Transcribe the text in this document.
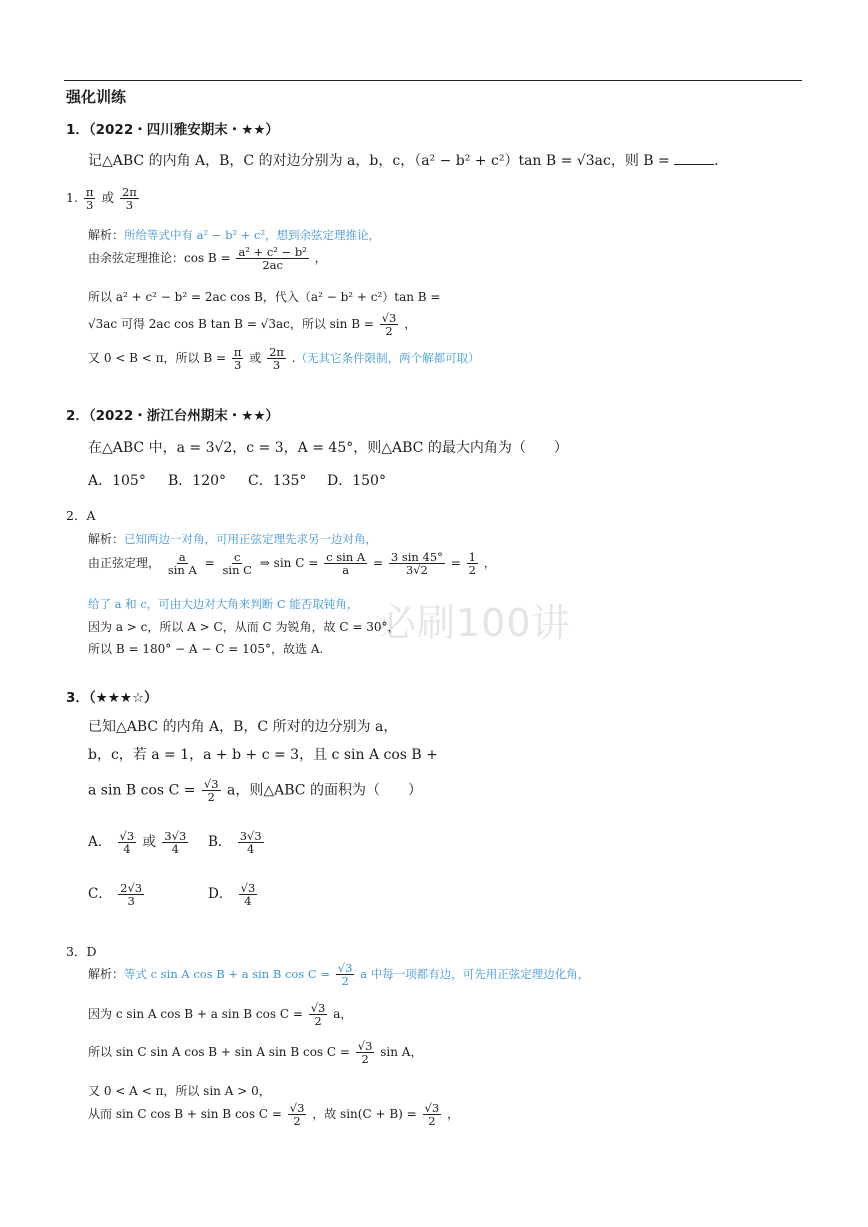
强化训练
必刷100讲
1．（2022・四川雅安期末・★★）
记△ABC 的内角 A，B，C 的对边分别为 a，b，c，（a² − b² + c²）tan B = √3ac，则 B =	．
1. $\frac{\pi}{3}$ 或 $\frac{2\pi}{3}$
解析：所给等式中有 a² − b² + c²，想到余弦定理推论，
由余弦定理推论：$\cos B = \frac{\text{a² + c² − b²}}{2ac}$ ，
所以 a² + c² − b² = 2ac cos B，代入（a² − b² + c²）tan B =
√3ac 可得 2ac cos B tan B = √3ac，所以 $\sin B = \frac{√3}{2}$ ，
又 0 < B < π，所以 $B = \frac{\pi}{3}$ 或 $\frac{2\pi}{3}$ .（无其它条件限制，两个解都可取）
2．（2022・浙江台州期末・★★）
在△ABC 中，a = 3√2，c = 3，A = 45°，则△ABC 的最大内角为（　　）
A．105° B．120° C．135° D．150°
2．A
解析：已知两边一对角，可用正弦定理先求另一边对角，
由正弦定理， $\frac{a}{\text{sin A}} = \frac{c}{\text{sin C}}$ ⇒ $\sin C = \frac{\text{c sin A}}{a} = \frac{3 \sin 45^\circ}{3√2} = \frac{1}{2}$ ，
给了 a 和 c，可由大边对大角来判断 C 能否取钝角，
因为 a > c，所以 A > C，从而 C 为锐角，故 C = 30°，
所以 B = 180° − A − C = 105°，故选 A.
3．（★★★☆）
已知△ABC 的内角 A，B，C 所对的边分别为 a，
b，c，若 a = 1，a + b + c = 3，且 c sin A cos B +
a sin B $\cos C = \frac{√3}{2}$ a，则△ABC 的面积为（　　）
A． $\frac{√3}{4}$ 或 $\frac{3√3}{4}$ B． $\frac{3√3}{4}$
C． $\frac{2√3}{3}$	D． $\frac{√3}{4}$
3．D
解析：等式 c sin A cos B + a sin B $\cos C = \frac{√3}{2}$ a 中每一项都有边，可先用正弦定理边化角，
因为 c sin A cos B + a sin B $\cos C = \frac{√3}{2}$ a，
所以 sin C sin A cos B + sin A sin B $\cos C = \frac{√3}{2}$ sin A，
又 0 < A < π，所以 sin A > 0，
从而 sin C cos B + sin B $\cos C = \frac{√3}{2}$ ，故 $\sin(C + B) = \frac{√3}{2}$ ，
